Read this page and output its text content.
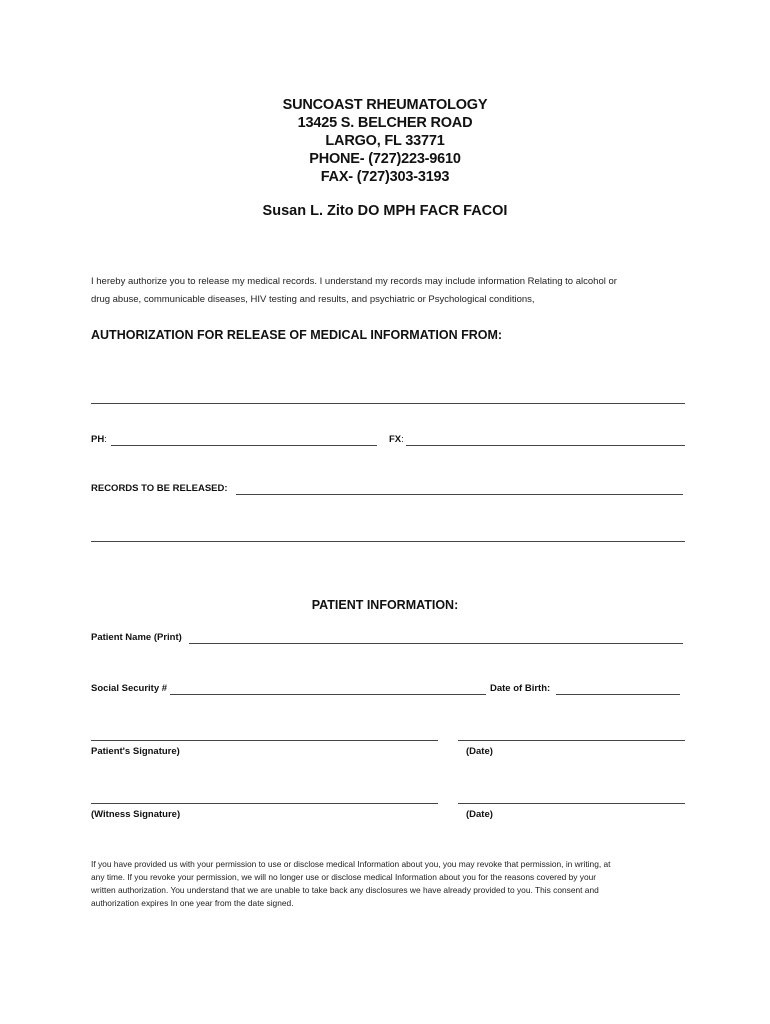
SUNCOAST RHEUMATOLOGY
13425 S. BELCHER ROAD
LARGO, FL 33771
PHONE- (727)223-9610
FAX- (727)303-3193
Susan L. Zito DO MPH FACR FACOI
I hereby authorize you to release my medical records. I understand my records may include information Relating to alcohol or
drug abuse, communicable diseases, HIV testing and results, and psychiatric or Psychological conditions,
AUTHORIZATION FOR RELEASE OF MEDICAL INFORMATION FROM:
PH:	FX:
RECORDS TO BE RELEASED:
PATIENT INFORMATION:
Patient Name (Print)
Social Security #	Date of Birth:
Patient's Signature)	(Date)
(Witness Signature)	(Date)
If you have provided us with your permission to use or disclose medical Information about you, you may revoke that permission, in writing, at
any time. If you revoke your permission, we will no longer use or disclose medical Information about you for the reasons covered by your
written authorization. You understand that we are unable to take back any disclosures we have already provided to you. This consent and
authorization expires In one year from the date signed.
